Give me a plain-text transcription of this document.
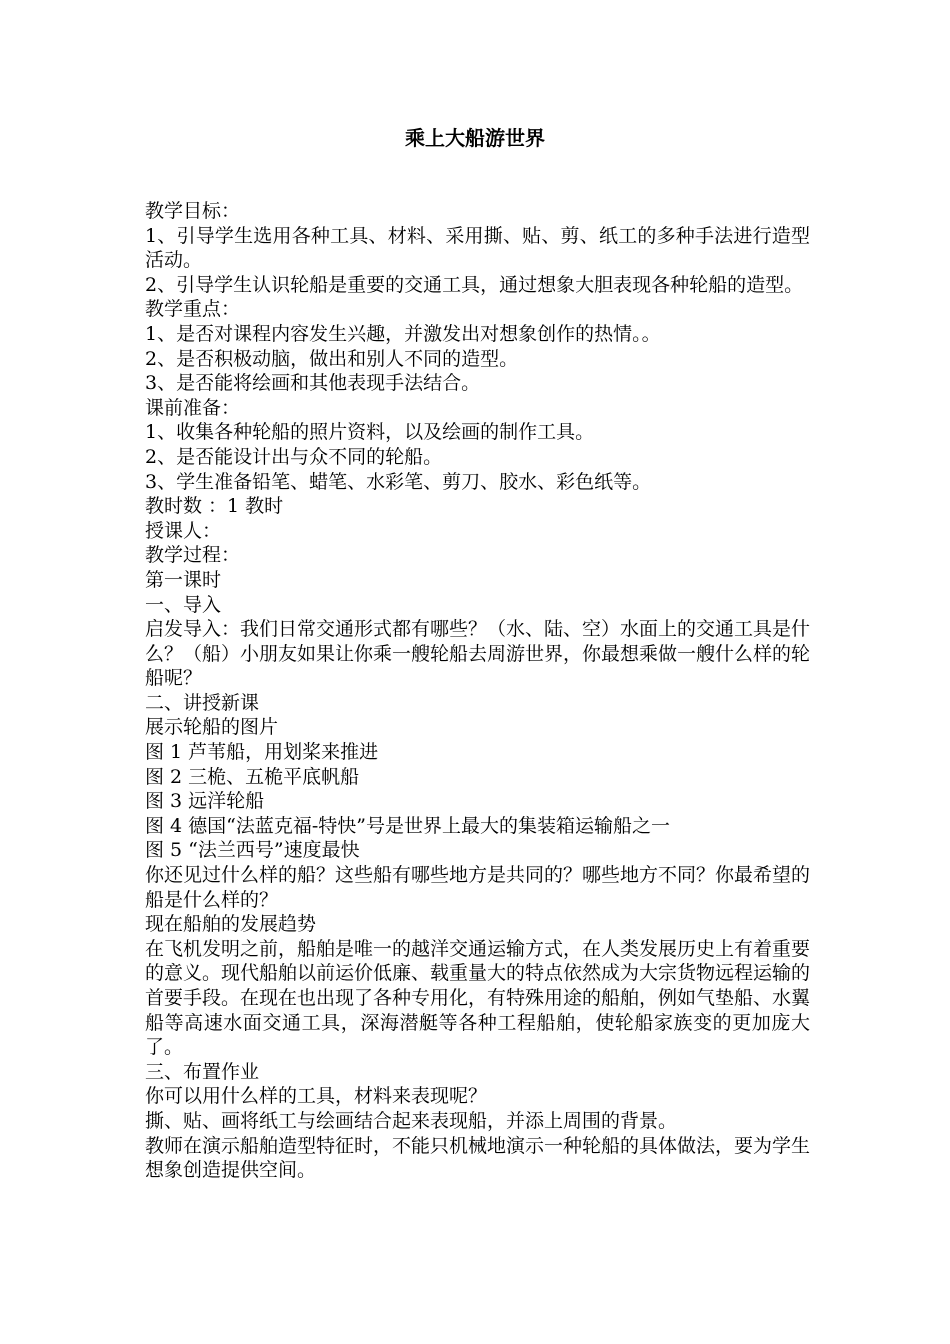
乘上大船游世界

教学目标：

1、引导学生选用各种工具、材料、采用撕、贴、剪、纸工的多种手法进行造型活动。

2、引导学生认识轮船是重要的交通工具，通过想象大胆表现各种轮船的造型。

教学重点：

1、是否对课程内容发生兴趣，并激发出对想象创作的热情。。

2、是否积极动脑，做出和别人不同的造型。

3、是否能将绘画和其他表现手法结合。

课前准备：

1、收集各种轮船的照片资料，以及绘画的制作工具。

2、是否能设计出与众不同的轮船。

3、学生准备铅笔、蜡笔、水彩笔、剪刀、胶水、彩色纸等。

教时数 ：1 教时

授课人：

教学过程：

第一课时

一、导入

启发导入：我们日常交通形式都有哪些？（水、陆、空）水面上的交通工具是什么？（船）小朋友如果让你乘一艘轮船去周游世界，你最想乘做一艘什么样的轮船呢？

二、讲授新课

展示轮船的图片

图 1 芦苇船，用划桨来推进

图 2 三桅、五桅平底帆船

图 3 远洋轮船

图 4 德国“法蓝克福-特快”号是世界上最大的集装箱运输船之一

图 5 “法兰西号”速度最快

你还见过什么样的船？这些船有哪些地方是共同的？哪些地方不同？你最希望的船是什么样的？

现在船舶的发展趋势

在飞机发明之前，船舶是唯一的越洋交通运输方式，在人类发展历史上有着重要的意义。现代船舶以前运价低廉、载重量大的特点依然成为大宗货物远程运输的首要手段。在现在也出现了各种专用化，有特殊用途的船舶，例如气垫船、水翼船等高速水面交通工具，深海潜艇等各种工程船舶，使轮船家族变的更加庞大了。

三、布置作业

你可以用什么样的工具，材料来表现呢？

撕、贴、画将纸工与绘画结合起来表现船，并添上周围的背景。

教师在演示船舶造型特征时，不能只机械地演示一种轮船的具体做法，要为学生想象创造提供空间。
